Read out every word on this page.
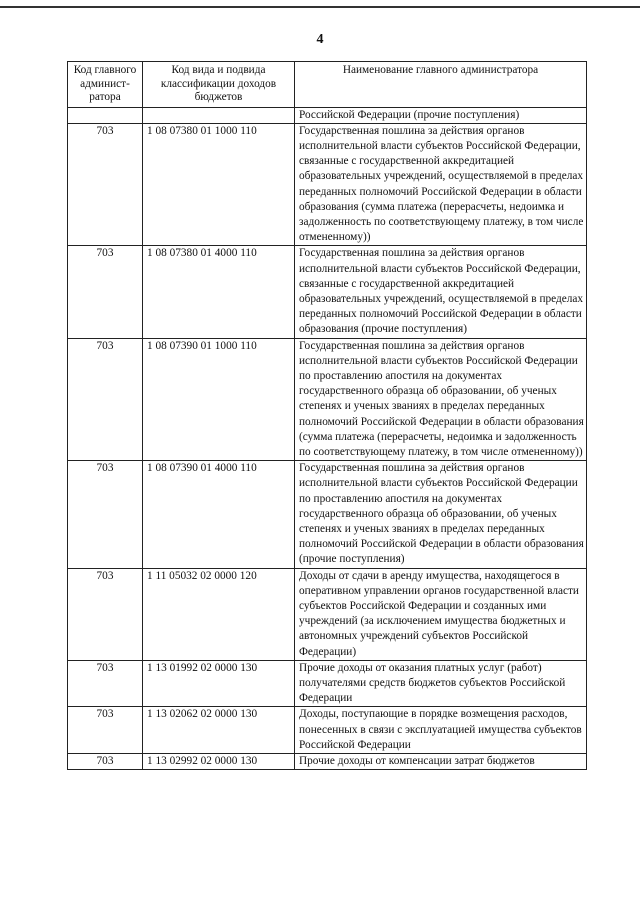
4
Код главного админист-ратора	Код вида и подвида классификации доходов бюджетов	Наименование главного администратора
		Российской Федерации (прочие поступления)
703	1 08 07380 01 1000 110	Государственная пошлина за действия органов исполнительной власти субъектов Российской Федерации, связанные с государственной аккредитацией образовательных учреждений, осуществляемой в пределах переданных полномочий Российской Федерации в области образования (сумма платежа (перерасчеты, недоимка и задолженность по соответствующему платежу, в том числе отмененному))
703	1 08 07380 01 4000 110	Государственная пошлина за действия органов исполнительной власти субъектов Российской Федерации, связанные с государственной аккредитацией образовательных учреждений, осуществляемой в пределах переданных полномочий Российской Федерации в области образования (прочие поступления)
703	1 08 07390 01 1000 110	Государственная пошлина за действия органов исполнительной власти субъектов Российской Федерации по проставлению апостиля на документах государственного образца об образовании, об ученых степенях и ученых званиях в пределах переданных полномочий Российской Федерации в области образования (сумма платежа (перерасчеты, недоимка и задолженность по соответствующему платежу, в том числе отмененному))
703	1 08 07390 01 4000 110	Государственная пошлина за действия органов исполнительной власти субъектов Российской Федерации по проставлению апостиля на документах государственного образца об образовании, об ученых степенях и ученых званиях в пределах переданных полномочий Российской Федерации в области образования (прочие поступления)
703	1 11 05032 02 0000 120	Доходы от сдачи в аренду имущества, находящегося в оперативном управлении органов государственной власти субъектов Российской Федерации и созданных ими учреждений (за исключением имущества бюджетных и автономных учреждений субъектов Российской Федерации)
703	1 13 01992 02 0000 130	Прочие доходы от оказания платных услуг (работ) получателями средств бюджетов субъектов Российской Федерации
703	1 13 02062 02 0000 130	Доходы, поступающие в порядке возмещения расходов, понесенных в связи с эксплуатацией имущества субъектов Российской Федерации
703	1 13 02992 02 0000 130	Прочие доходы от компенсации затрат бюджетов
